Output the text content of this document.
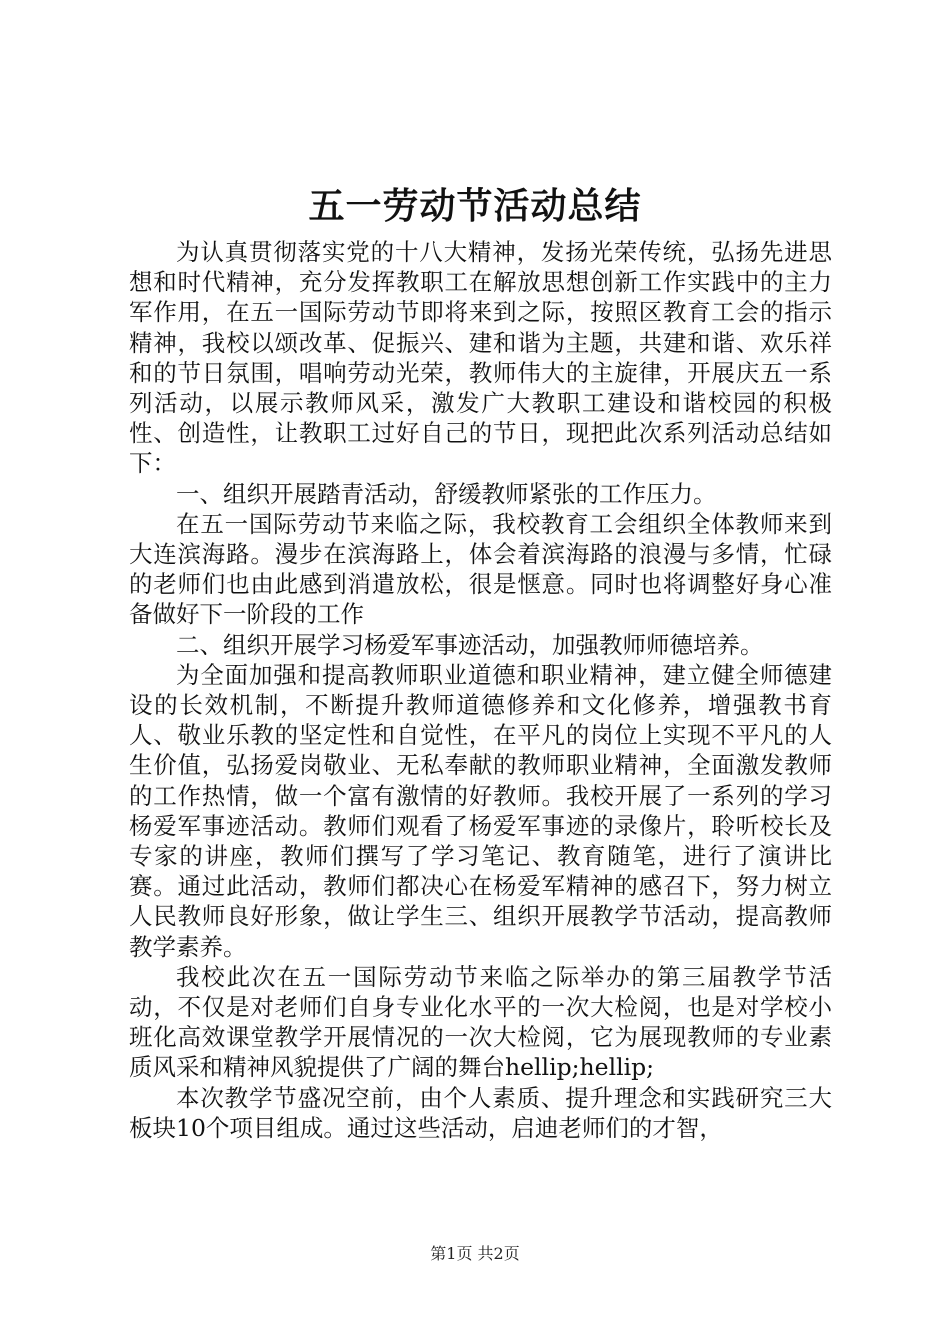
五一劳动节活动总结

为认真贯彻落实党的十八大精神，发扬光荣传统，弘扬先进思想和时代精神，充分发挥教职工在解放思想创新工作实践中的主力军作用，在五一国际劳动节即将来到之际，按照区教育工会的指示精神，我校以颂改革、促振兴、建和谐为主题，共建和谐、欢乐祥和的节日氛围，唱响劳动光荣，教师伟大的主旋律，开展庆五一系列活动，以展示教师风采，激发广大教职工建设和谐校园的积极性、创造性，让教职工过好自己的节日，现把此次系列活动总结如下：

一、组织开展踏青活动，舒缓教师紧张的工作压力。

在五一国际劳动节来临之际，我校教育工会组织全体教师来到大连滨海路。漫步在滨海路上，体会着滨海路的浪漫与多情，忙碌的老师们也由此感到消遣放松，很是惬意。同时也将调整好身心准备做好下一阶段的工作

二、组织开展学习杨爱军事迹活动，加强教师师德培养。

为全面加强和提高教师职业道德和职业精神，建立健全师德建设的长效机制，不断提升教师道德修养和文化修养，增强教书育人、敬业乐教的坚定性和自觉性，在平凡的岗位上实现不平凡的人生价值，弘扬爱岗敬业、无私奉献的教师职业精神，全面激发教师的工作热情，做一个富有激情的好教师。我校开展了一系列的学习杨爱军事迹活动。教师们观看了杨爱军事迹的录像片，聆听校长及专家的讲座，教师们撰写了学习笔记、教育随笔，进行了演讲比赛。通过此活动，教师们都决心在杨爱军精神的感召下，努力树立人民教师良好形象，做让学生三、组织开展教学节活动，提高教师教学素养。

我校此次在五一国际劳动节来临之际举办的第三届教学节活动，不仅是对老师们自身专业化水平的一次大检阅，也是对学校小班化高效课堂教学开展情况的一次大检阅，它为展现教师的专业素质风采和精神风貌提供了广阔的舞台hellip;hellip;

本次教学节盛况空前，由个人素质、提升理念和实践研究三大板块10个项目组成。通过这些活动，启迪老师们的才智，

第1页 共2页
